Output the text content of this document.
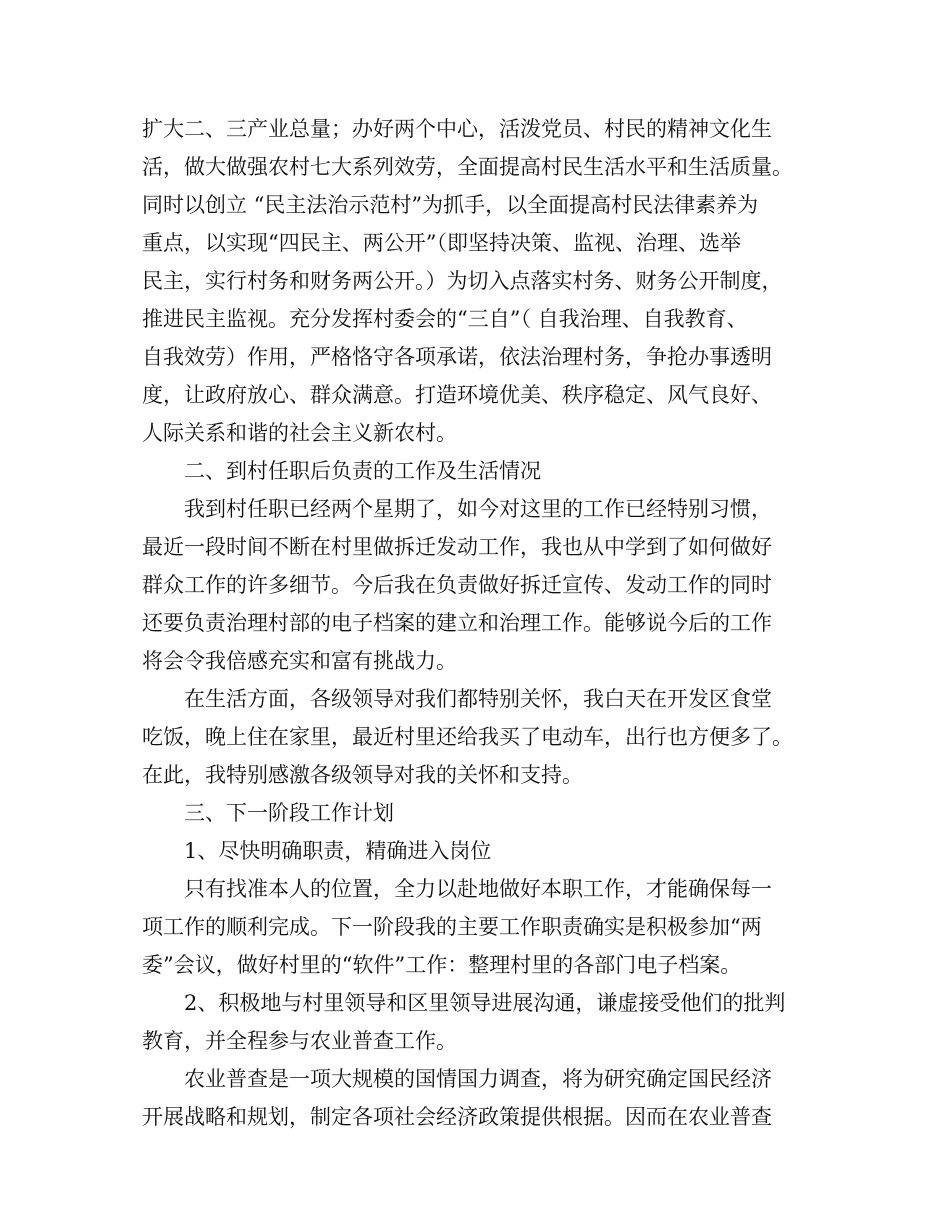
扩大二、三产业总量；办好两个中心，活泼党员、村民的精神文化生

活，做大做强农村七大系列效劳，全面提高村民生活水平和生活质量。

同时以创立 “民主法治示范村”为抓手，以全面提高村民法律素养为

重点，以实现“四民主、两公开”（即坚持决策、监视、治理、选举

民主，实行村务和财务两公开。）为切入点落实村务、财务公开制度，

推进民主监视。充分发挥村委会的“三自”（ 自我治理、自我教育、

自我效劳）作用，严格恪守各项承诺，依法治理村务，争抢办事透明

度，让政府放心、群众满意。打造环境优美、秩序稳定、风气良好、

人际关系和谐的社会主义新农村。

二、到村任职后负责的工作及生活情况

我到村任职已经两个星期了，如今对这里的工作已经特别习惯，

最近一段时间不断在村里做拆迁发动工作，我也从中学到了如何做好

群众工作的许多细节。今后我在负责做好拆迁宣传、发动工作的同时

还要负责治理村部的电子档案的建立和治理工作。能够说今后的工作

将会令我倍感充实和富有挑战力。

在生活方面，各级领导对我们都特别关怀，我白天在开发区食堂

吃饭，晚上住在家里，最近村里还给我买了电动车，出行也方便多了。

在此，我特别感激各级领导对我的关怀和支持。

三、下一阶段工作计划

1、尽快明确职责，精确进入岗位

只有找准本人的位置，全力以赴地做好本职工作，才能确保每一

项工作的顺利完成。下一阶段我的主要工作职责确实是积极参加“两

委”会议，做好村里的“软件”工作：整理村里的各部门电子档案。

2、积极地与村里领导和区里领导进展沟通，谦虚接受他们的批判

教育，并全程参与农业普查工作。

农业普查是一项大规模的国情国力调查，将为研究确定国民经济

开展战略和规划，制定各项社会经济政策提供根据。因而在农业普查
